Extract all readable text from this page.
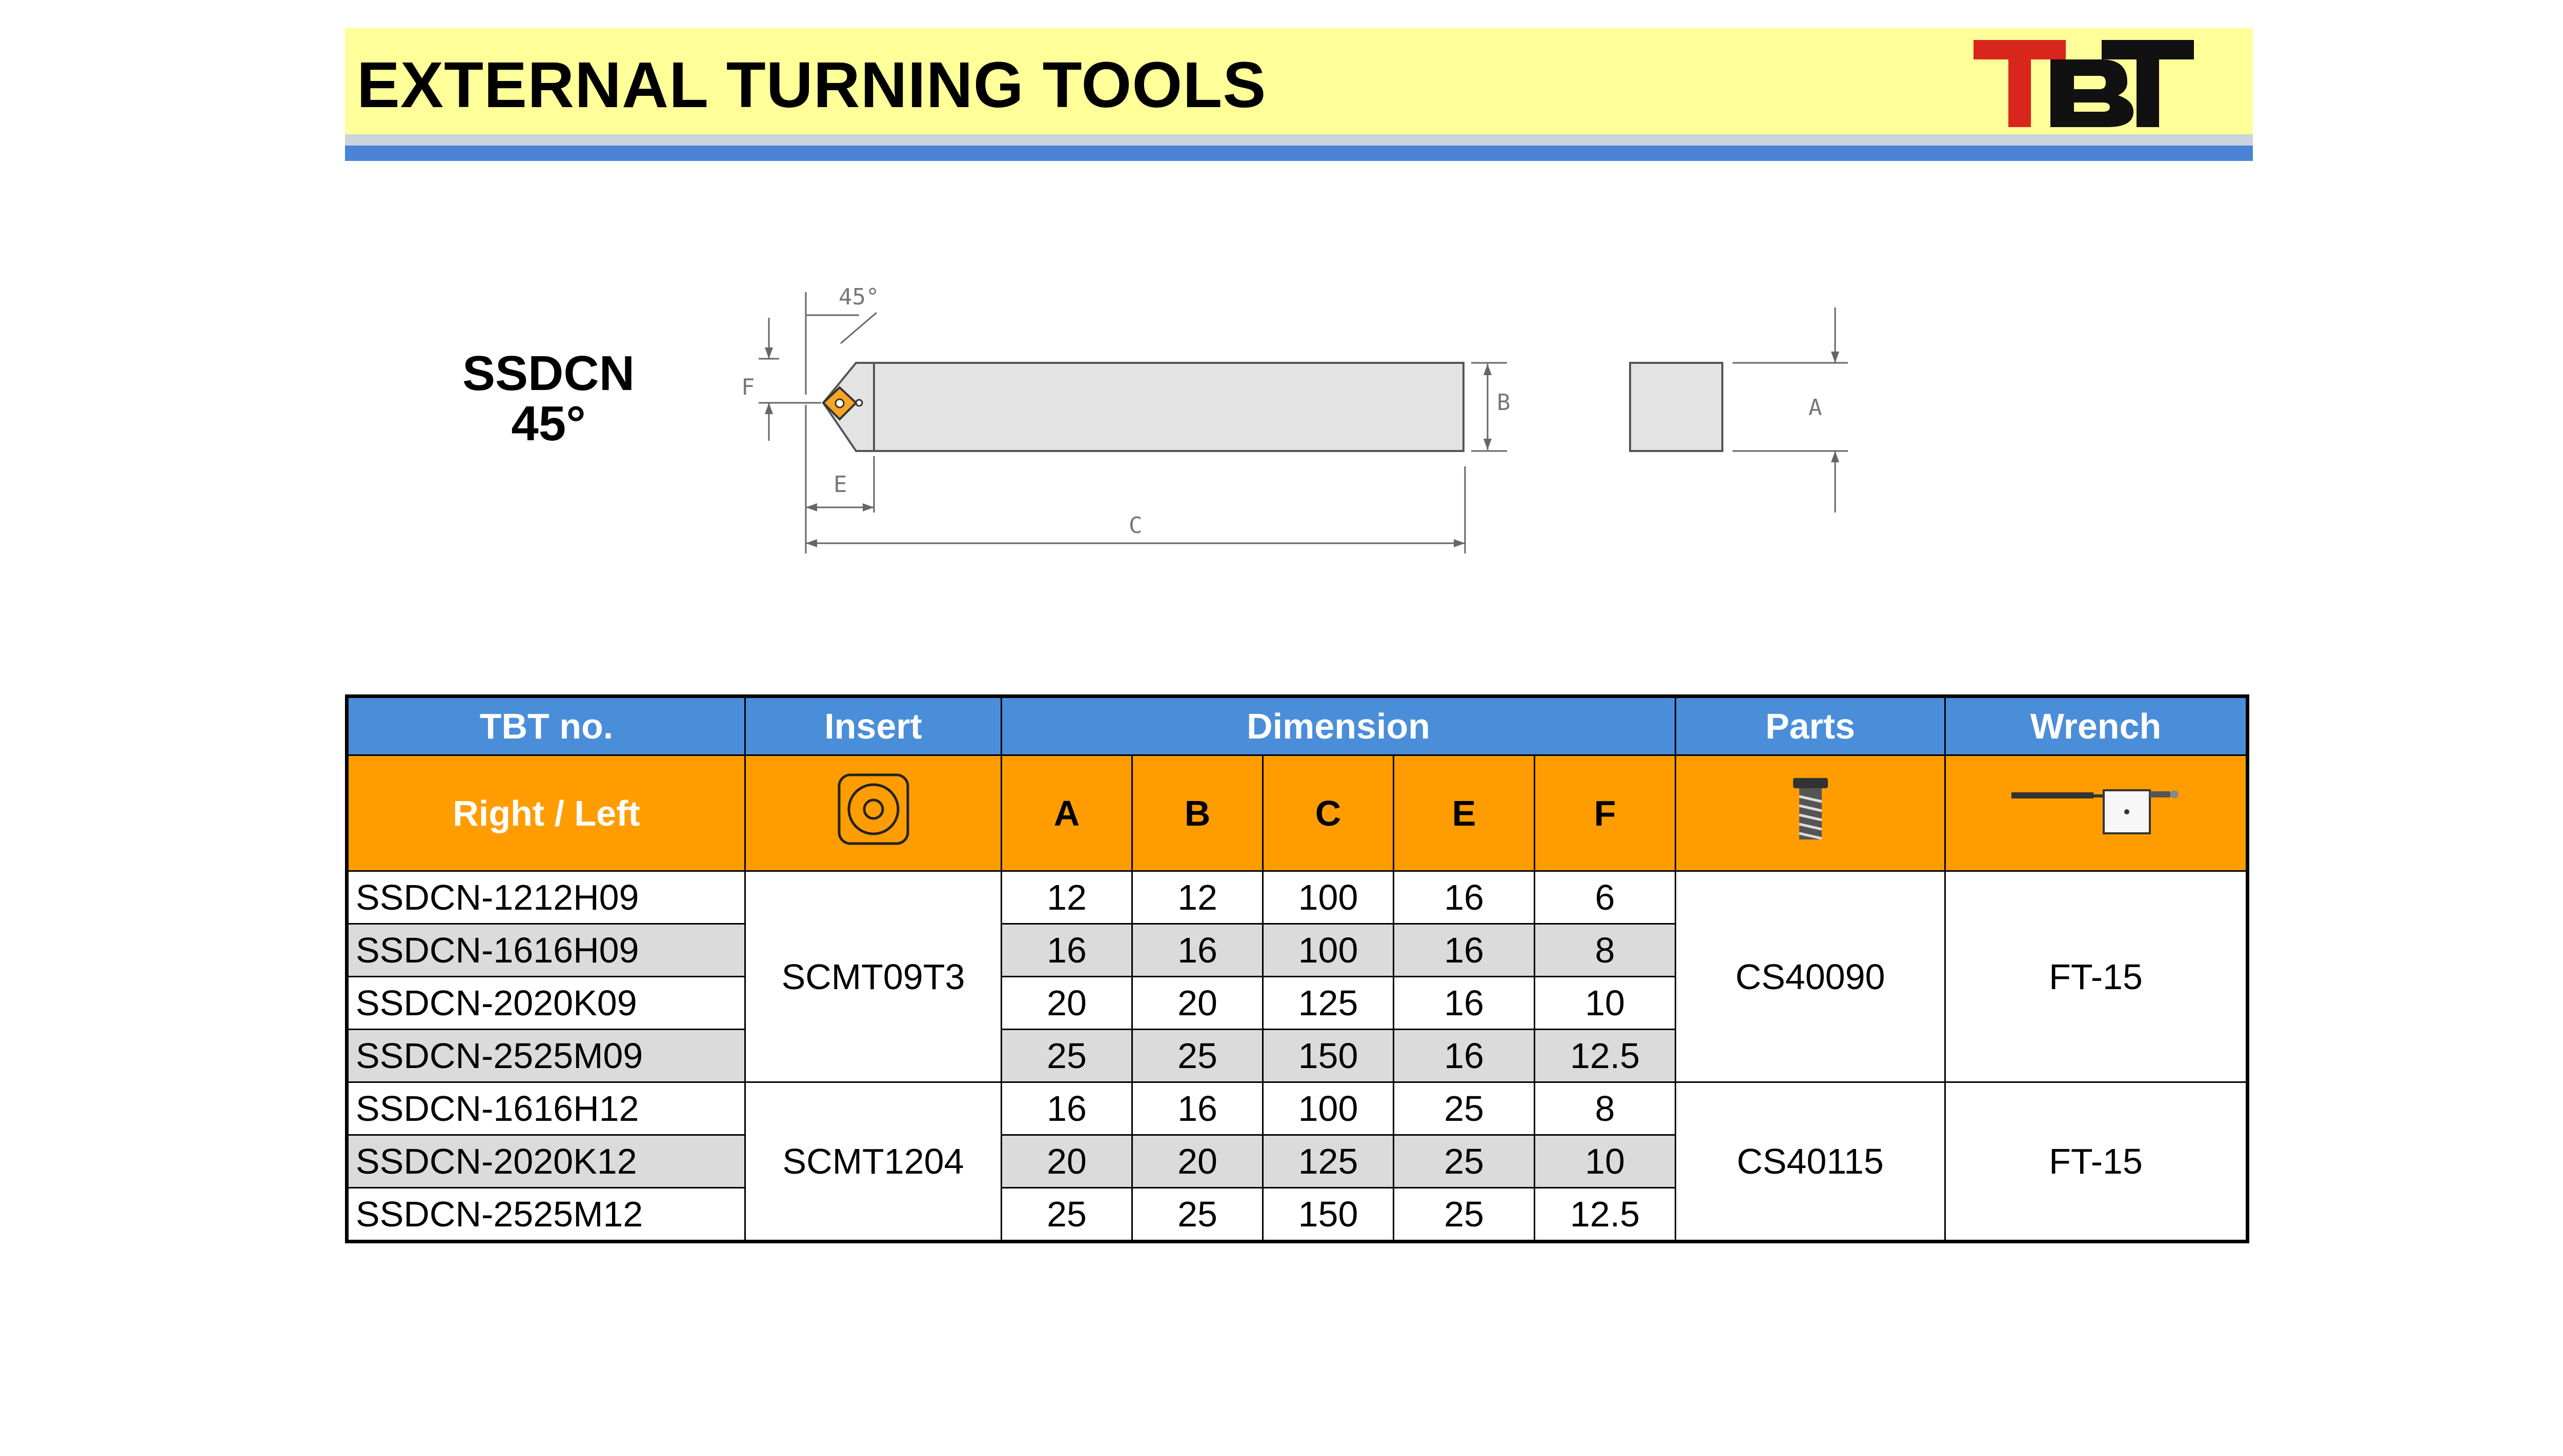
EXTERNAL TURNING TOOLS
SSDCN
45°
45°
F
E
C
B	A
TBT no.	Insert	Dimension					Parts	Wrench
Right / Left		A	B	C	E	F		
SSDCN-1212H09	SCMT09T3	12	12	100	16	6	CS40090	FT-15
SSDCN-1616H09		16	16	100	16	8		
SSDCN-2020K09		20	20	125	16	10		
SSDCN-2525M09		25	25	150	16	12.5		
SSDCN-1616H12	SCMT1204	16	16	100	25	8	CS40115	FT-15
SSDCN-2020K12		20	20	125	25	10		
SSDCN-2525M12		25	25	150	25	12.5		
